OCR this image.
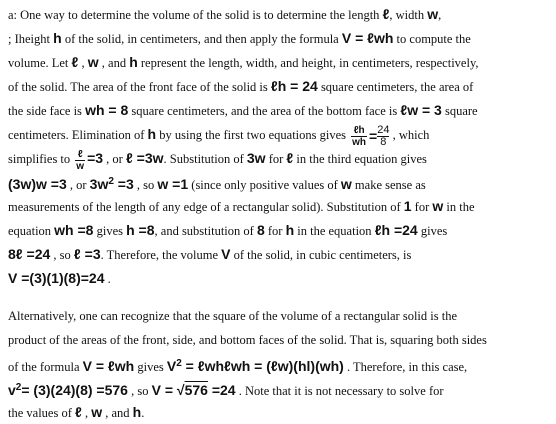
a: One way to determine the volume of the solid is to determine the length ℓ, width w,
; Iheight h of the solid, in centimeters, and then apply the formula V = ℓwh to compute the
volume. Let ℓ , w , and h represent the length, width, and height, in centimeters, respectively,
of the solid. The area of the front face of the solid is ℓh = 24 square centimeters, the area of
the side face is wh = 8 square centimeters, and the area of the bottom face is ℓw = 3 square
centimeters. Elimination of h by using the first two equations gives $\frac{\text{ℓh}}{wh} = \frac{24}{8}$ , which
simplifies to $\frac{\text{ℓ}}{w} =3$ , or ℓ =3w. Substitution of 3w for ℓ in the third equation gives
(3w)w =3 , or $3w^2 =3$ , so w =1 (since only positive values of w make sense as
measurements of the length of any edge of a rectangular solid). Substitution of 1 for w in the
equation wh =8 gives h =8, and substitution of 8 for h in the equation ℓh =24 gives
8ℓ =24 , so ℓ =3. Therefore, the volume V of the solid, in cubic centimeters, is
V =(3)(1)(8)=24 .
Alternatively, one can recognize that the square of the volume of a rectangular solid is the
product of the areas of the front, side, and bottom faces of the solid. That is, squaring both sides
of the formula V = ℓwh gives $V^2$ = ℓwhℓwh = (ℓw)(hl)(wh) . Therefore, in this case,
$v^2= (3)(24)(8) =576$ , so V = √576 =24 . Note that it is not necessary to solve for
the values of ℓ , w , and h.
